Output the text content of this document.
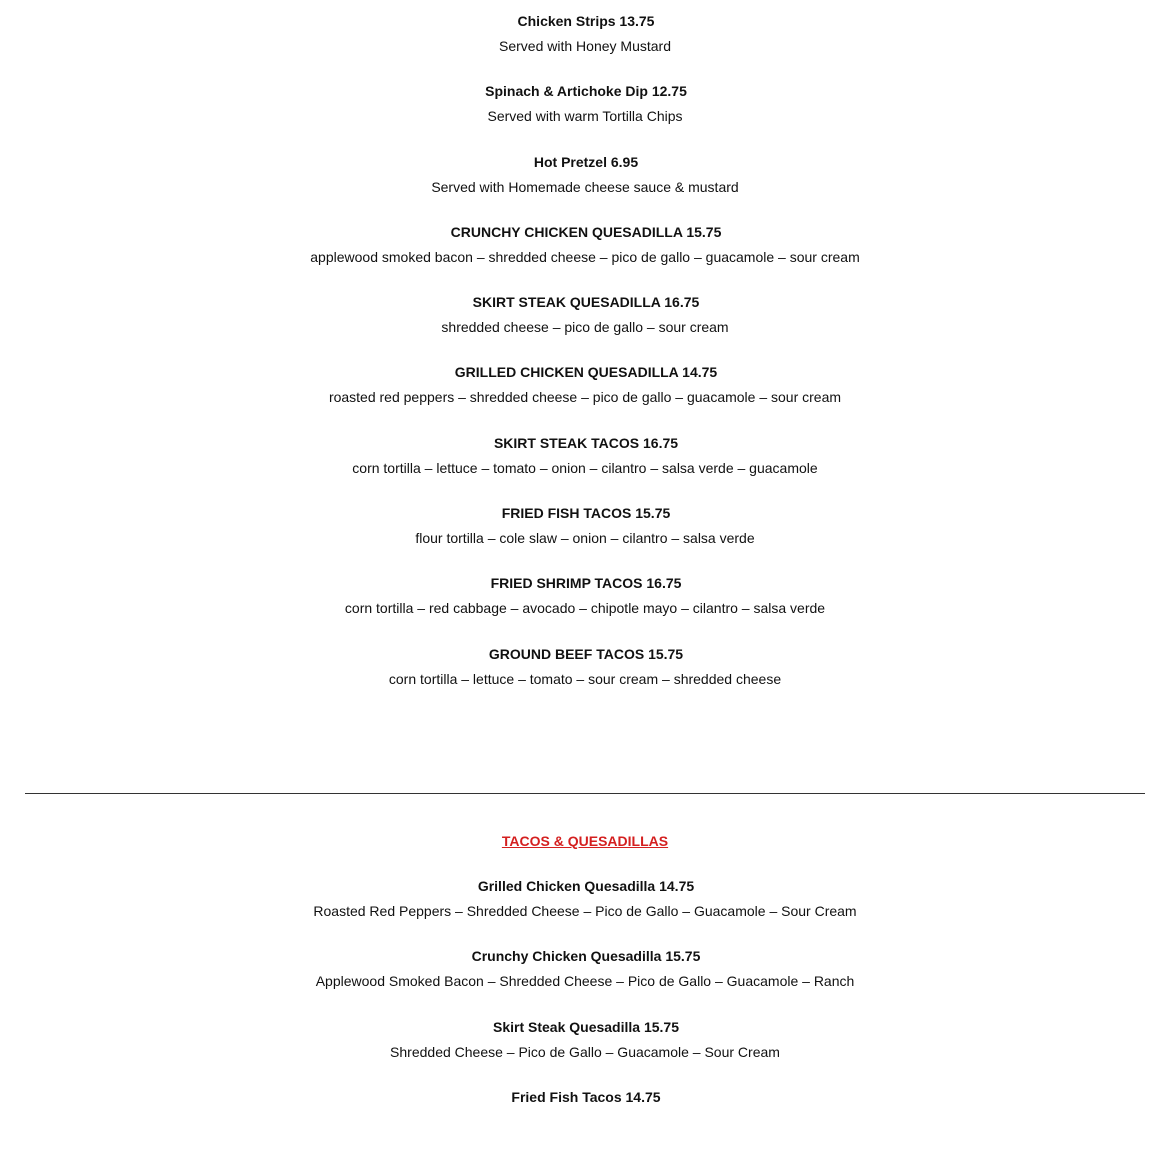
Chicken Strips 13.75
Served with Honey Mustard
Spinach & Artichoke Dip 12.75
Served with warm Tortilla Chips
Hot Pretzel 6.95
Served with Homemade cheese sauce & mustard
CRUNCHY CHICKEN QUESADILLA 15.75
applewood smoked bacon – shredded cheese – pico de gallo – guacamole – sour cream
SKIRT STEAK QUESADILLA 16.75
shredded cheese – pico de gallo – sour cream
GRILLED CHICKEN QUESADILLA 14.75
roasted red peppers – shredded cheese – pico de gallo – guacamole – sour cream
SKIRT STEAK TACOS 16.75
corn tortilla – lettuce – tomato – onion – cilantro – salsa verde – guacamole
FRIED FISH TACOS 15.75
flour tortilla – cole slaw – onion – cilantro – salsa verde
FRIED SHRIMP TACOS 16.75
corn tortilla – red cabbage – avocado – chipotle mayo – cilantro – salsa verde
GROUND BEEF TACOS 15.75
corn tortilla – lettuce – tomato – sour cream – shredded cheese
TACOS & QUESADILLAS
Grilled Chicken Quesadilla 14.75
Roasted Red Peppers – Shredded Cheese – Pico de Gallo – Guacamole – Sour Cream
Crunchy Chicken Quesadilla 15.75
Applewood Smoked Bacon – Shredded Cheese – Pico de Gallo – Guacamole – Ranch
Skirt Steak Quesadilla 15.75
Shredded Cheese – Pico de Gallo – Guacamole – Sour Cream
Fried Fish Tacos 14.75
